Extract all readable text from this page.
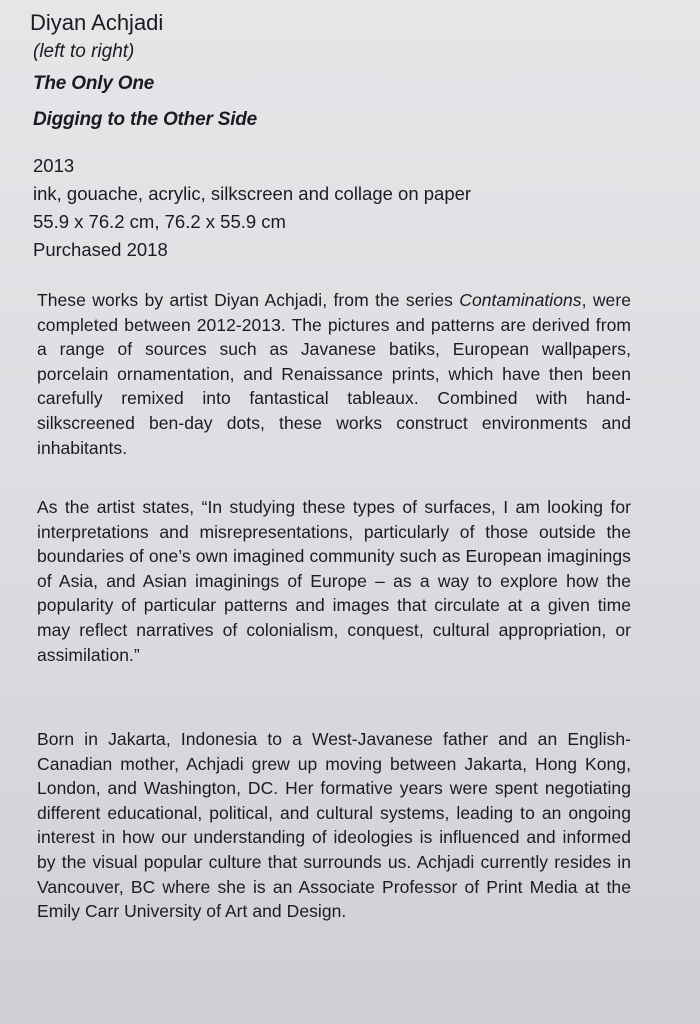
Diyan Achjadi

(left to right)

The Only One

Digging to the Other Side

2013

ink, gouache, acrylic, silkscreen and collage on paper

55.9 x 76.2 cm, 76.2 x 55.9 cm

Purchased 2018

These works by artist Diyan Achjadi, from the series Contaminations, were completed between 2012-2013. The pictures and patterns are derived from a range of sources such as Javanese batiks, European wallpapers, porcelain ornamentation, and Renaissance prints, which have then been carefully remixed into fantastical tableaux. Combined with hand-silkscreened ben-day dots, these works construct environments and inhabitants.

As the artist states, “In studying these types of surfaces, I am looking for interpretations and misrepresentations, particularly of those outside the boundaries of one’s own imagined community such as European imaginings of Asia, and Asian imaginings of Europe – as a way to explore how the popularity of particular patterns and images that circulate at a given time may reflect narratives of colonialism, conquest, cultural appropriation, or assimilation.”

Born in Jakarta, Indonesia to a West-Javanese father and an English-Canadian mother, Achjadi grew up moving between Jakarta, Hong Kong, London, and Washington, DC. Her formative years were spent negotiating different educational, political, and cultural systems, leading to an ongoing interest in how our understanding of ideologies is influenced and informed by the visual popular culture that surrounds us. Achjadi currently resides in Vancouver, BC where she is an Associate Professor of Print Media at the Emily Carr University of Art and Design.
